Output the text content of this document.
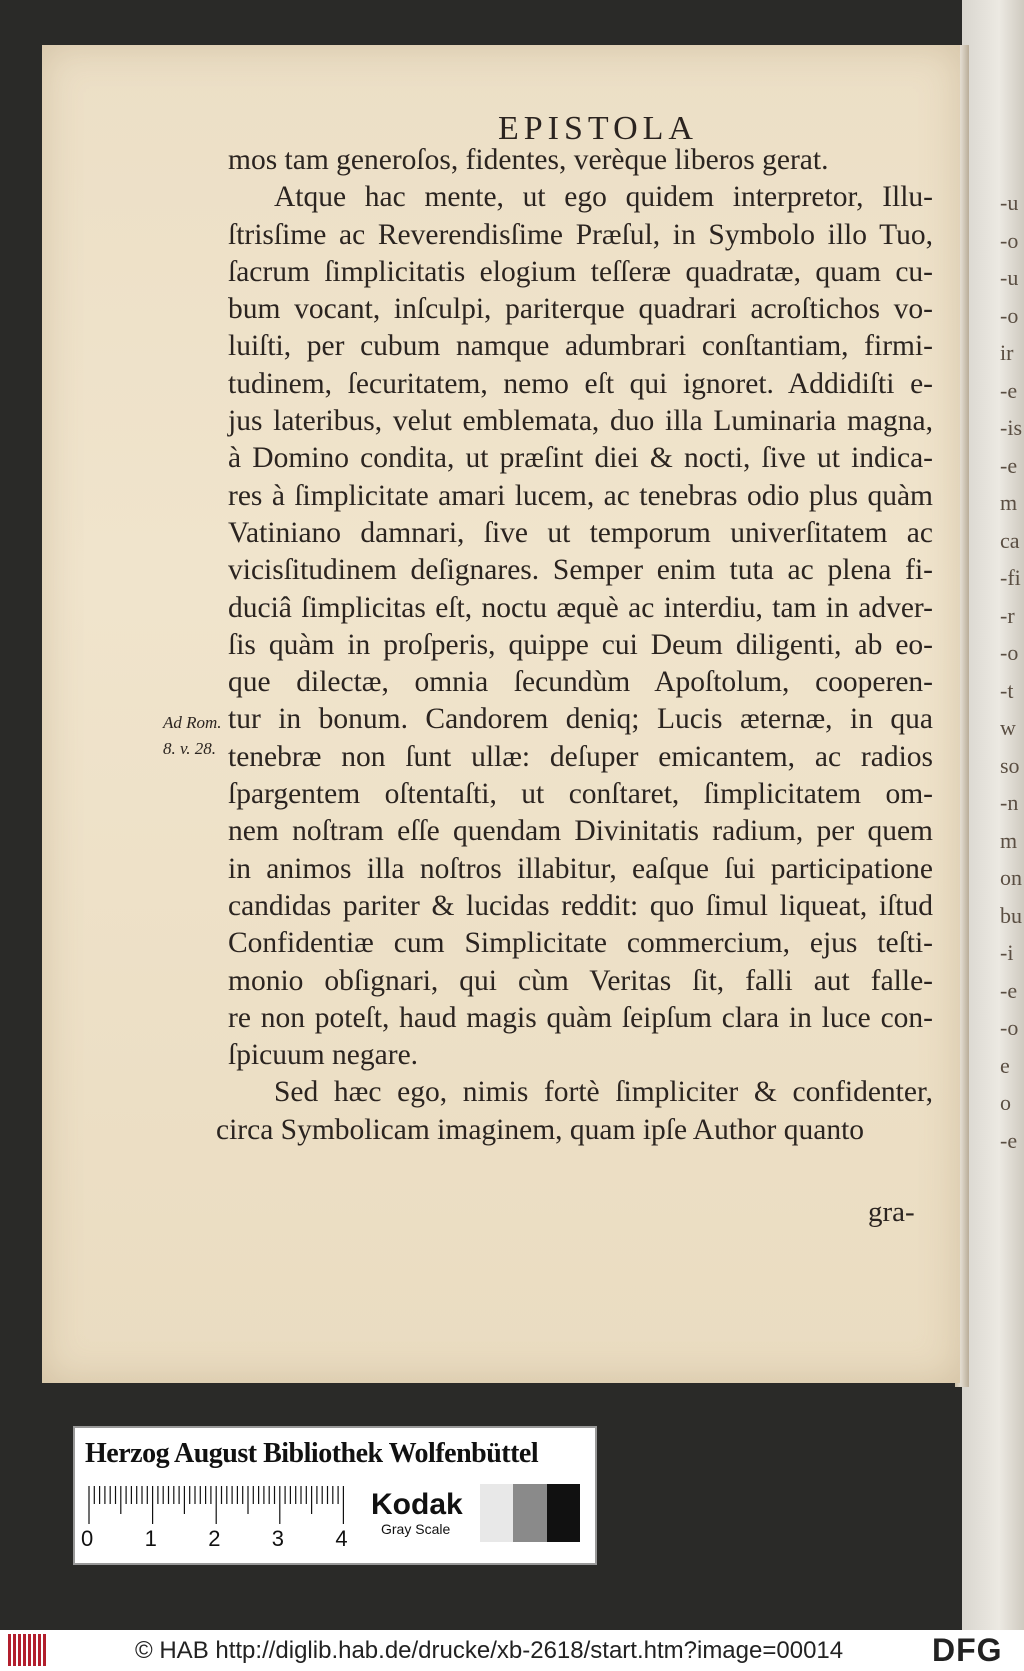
-u
-o
-u
-o
ir
-e
-is
-e
m
ca
-fi
-r
-o
-t
w
so
-n
m
on
bu
-i
-e
-o
e
o
-e
EPISTOLA
mos tam generoſos, fidentes, verèque liberos gerat.
Atque hac mente, ut ego quidem interpretor, Illu-
ſtrisſime ac Reverendisſime Præſul, in Symbolo illo Tuo,
ſacrum ſimplicitatis elogium teſſeræ quadratæ, quam cu-
bum vocant, inſculpi, pariterque quadrari acroſtichos vo-
luiſti, per cubum namque adumbrari conſtantiam, firmi-
tudinem, ſecuritatem, nemo eſt qui ignoret. Addidiſti e-
jus lateribus, velut emblemata, duo illa Luminaria magna,
à Domino condita, ut præſint diei & nocti, ſive ut indica-
res à ſimplicitate amari lucem, ac tenebras odio plus quàm
Vatiniano damnari, ſive ut temporum univerſitatem ac
vicisſitudinem deſignares. Semper enim tuta ac plena fi-
duciâ ſimplicitas eſt, noctu æquè ac interdiu, tam in adver-
ſis quàm in proſperis, quippe cui Deum diligenti, ab eo-
que dilectæ, omnia ſecundùm Apoſtolum, cooperen-
tur in bonum. Candorem deniq; Lucis æternæ, in qua
tenebræ non ſunt ullæ: deſuper emicantem, ac radios
ſpargentem oſtentaſti, ut conſtaret, ſimplicitatem om-
nem noſtram eſſe quendam Divinitatis radium, per quem
in animos illa noſtros illabitur, eaſque ſui participatione
candidas pariter & lucidas reddit: quo ſimul liqueat, iſtud
Confidentiæ cum Simplicitate commercium, ejus teſti-
monio obſignari, qui cùm Veritas ſit, falli aut falle-
re non poteſt, haud magis quàm ſeipſum clara in luce con-
ſpicuum negare.
Sed hæc ego, nimis fortè ſimpliciter & confidenter,
circa Symbolicam imaginem, quam ipſe Author quanto
Ad Rom.
8. v. 28.
gra-
Herzog August Bibliothek Wolfenbüttel
0 1 2 3 4
Kodak
Gray Scale
© HAB http://diglib.hab.de/drucke/xb-2618/start.htm?image=00014	DFG
